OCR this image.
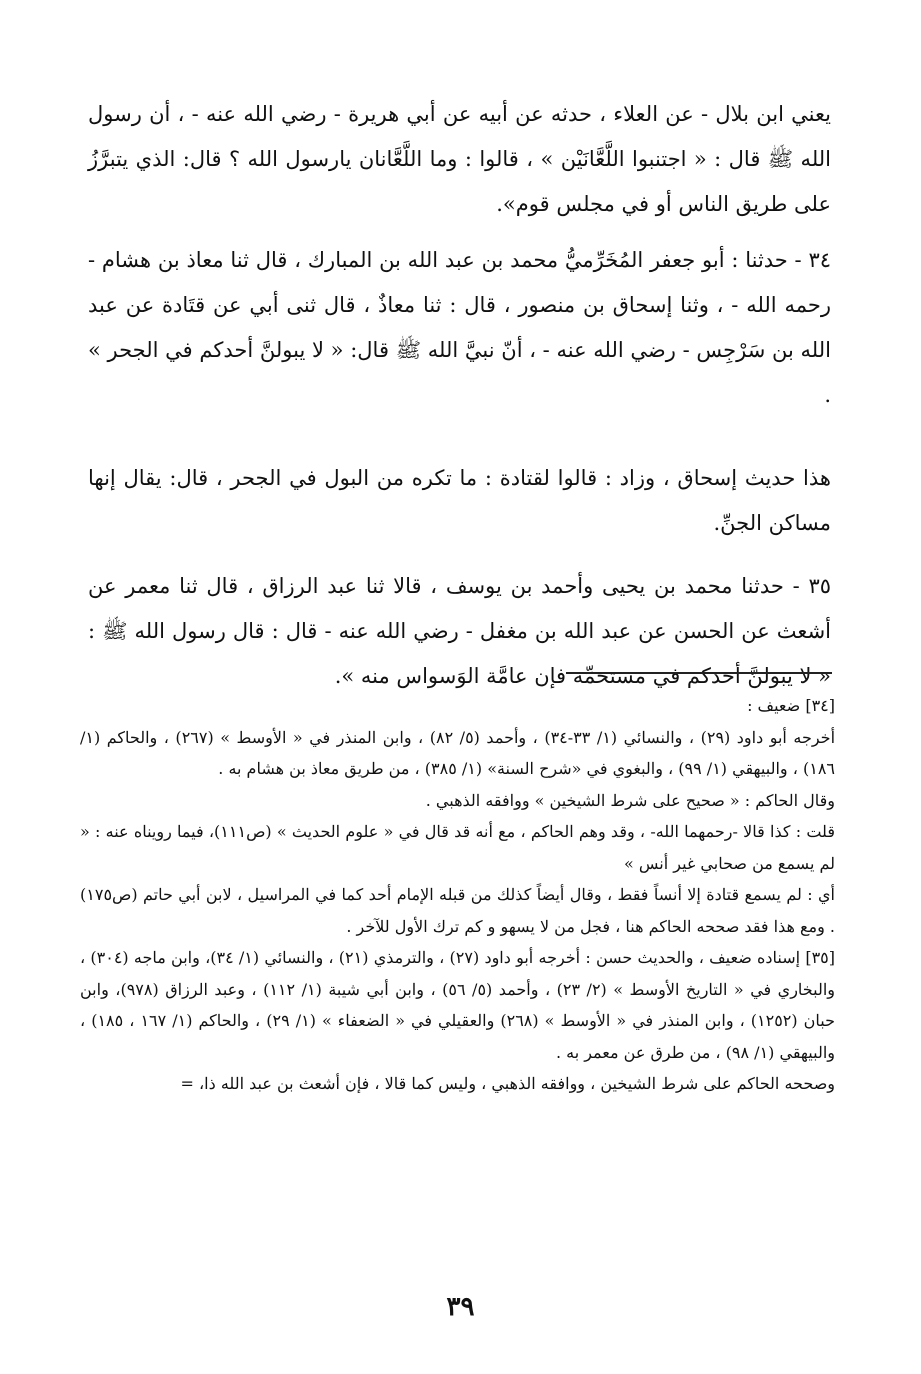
يعني ابن بلال - عن العلاء ، حدثه عن أبيه عن أبي هريرة - رضي الله عنه - ، أن رسول الله ﷺ قال : « اجتنبوا اللَّعَّانَيْن » ، قالوا : وما اللَّعَّانان يارسول الله ؟ قال: الذي يتبرَّزُ على طريق الناس أو في مجلس قوم».

٣٤ - حدثنا : أبو جعفر المُخَرِّميُّ محمد بن عبد الله بن المبارك ، قال ثنا معاذ بن هشام - رحمه الله - ، وثنا إسحاق بن منصور ، قال : ثنا معاذٌ ، قال ثنى أبي عن قتَادة عن عبد الله بن سَرْجِس - رضي الله عنه - ، أنّ نبيَّ الله ﷺ قال: « لا يبولنَّ أحدكم في الجحر » .

هذا حديث إسحاق ، وزاد : قالوا لقتادة : ما تكره من البول في الجحر ، قال: يقال إنها مساكن الجنِّ.

٣٥ - حدثنا محمد بن يحيى وأحمد بن يوسف ، قالا ثنا عبد الرزاق ، قال ثنا معمر عن أشعث عن الحسن عن عبد الله بن مغفل - رضي الله عنه - قال : قال رسول الله ﷺ : « لا يبولنَّ أحدكم في مستحمِّه فإن عامَّة الوَسواس منه ».

[٣٤] ضعيف :

أخرجه أبو داود (٢٩) ، والنسائي (١/ ٣٣-٣٤) ، وأحمد (٥/ ٨٢) ، وابن المنذر في « الأوسط » (٢٦٧) ، والحاكم (١/ ١٨٦) ، والبيهقي (١/ ٩٩) ، والبغوي في «شرح السنة» (١/ ٣٨٥) ، من طريق معاذ بن هشام به .

وقال الحاكم : « صحيح على شرط الشيخين » ووافقه الذهبي .

قلت : كذا قالا -رحمهما الله- ، وقد وهم الحاكم ، مع أنه قد قال في « علوم الحديث » (ص١١١)، فيما رويناه عنه : « لم يسمع من صحابي غير أنس »

أي : لم يسمع قتادة إلا أنساً فقط ، وقال أيضاً كذلك من قبله الإمام أحد كما في المراسيل ، لابن أبي حاتم (ص١٧٥) . ومع هذا فقد صححه الحاكم هنا ، فجل من لا يسهو و كم ترك الأول للآخر .

[٣٥] إسناده ضعيف ، والحديث حسن : أخرجه أبو داود (٢٧) ، والترمذي (٢١) ، والنسائي (١/ ٣٤)، وابن ماجه (٣٠٤) ، والبخاري في « التاريخ الأوسط » (٢/ ٢٣) ، وأحمد (٥/ ٥٦) ، وابن أبي شيبة (١/ ١١٢) ، وعبد الرزاق (٩٧٨)، وابن حبان (١٢٥٢) ، وابن المنذر في « الأوسط » (٢٦٨) والعقيلي في « الضعفاء » (١/ ٢٩) ، والحاكم (١/ ١٦٧ ، ١٨٥) ، والبيهقي (١/ ٩٨) ، من طرق عن معمر به .

وصححه الحاكم على شرط الشيخين ، ووافقه الذهبي ، وليس كما قالا ، فإن أشعث بن عبد الله ذا، =

٣٩
